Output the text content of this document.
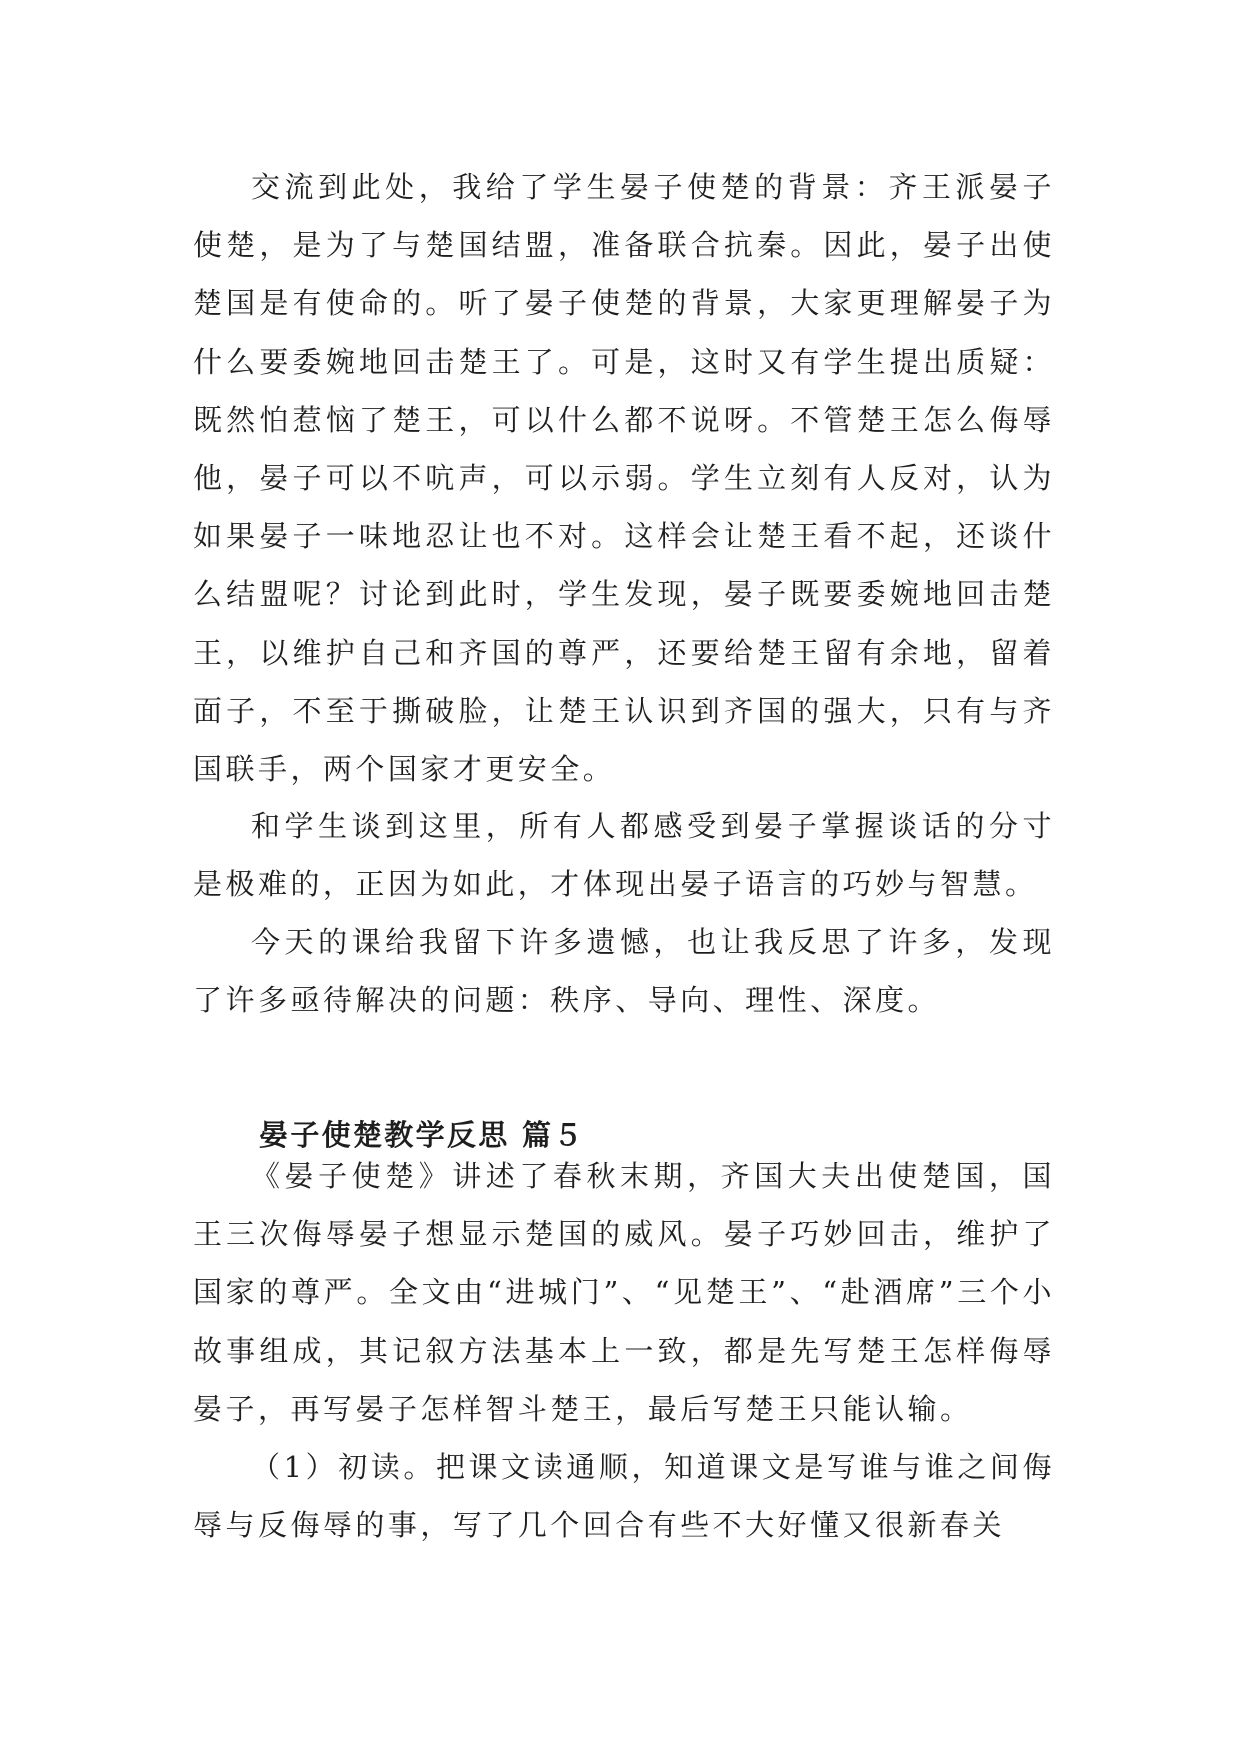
交流到此处，我给了学生晏子使楚的背景：齐王派晏子使楚，是为了与楚国结盟，准备联合抗秦。因此，晏子出使楚国是有使命的。听了晏子使楚的背景，大家更理解晏子为什么要委婉地回击楚王了。可是，这时又有学生提出质疑：既然怕惹恼了楚王，可以什么都不说呀。不管楚王怎么侮辱他，晏子可以不吭声，可以示弱。学生立刻有人反对，认为如果晏子一味地忍让也不对。这样会让楚王看不起，还谈什么结盟呢？讨论到此时，学生发现，晏子既要委婉地回击楚王，以维护自己和齐国的尊严，还要给楚王留有余地，留着面子，不至于撕破脸，让楚王认识到齐国的强大，只有与齐国联手，两个国家才更安全。

和学生谈到这里，所有人都感受到晏子掌握谈话的分寸是极难的，正因为如此，才体现出晏子语言的巧妙与智慧。

今天的课给我留下许多遗憾，也让我反思了许多，发现了许多亟待解决的问题：秩序、导向、理性、深度。

晏子使楚教学反思 篇５

《晏子使楚》讲述了春秋末期，齐国大夫出使楚国，国王三次侮辱晏子想显示楚国的威风。晏子巧妙回击，维护了国家的尊严。全文由“进城门”、“见楚王”、“赴酒席”三个小故事组成，其记叙方法基本上一致，都是先写楚王怎样侮辱晏子，再写晏子怎样智斗楚王，最后写楚王只能认输。

（1）初读。把课文读通顺，知道课文是写谁与谁之间侮辱与反侮辱的事，写了几个回合有些不大好懂又很新春关
